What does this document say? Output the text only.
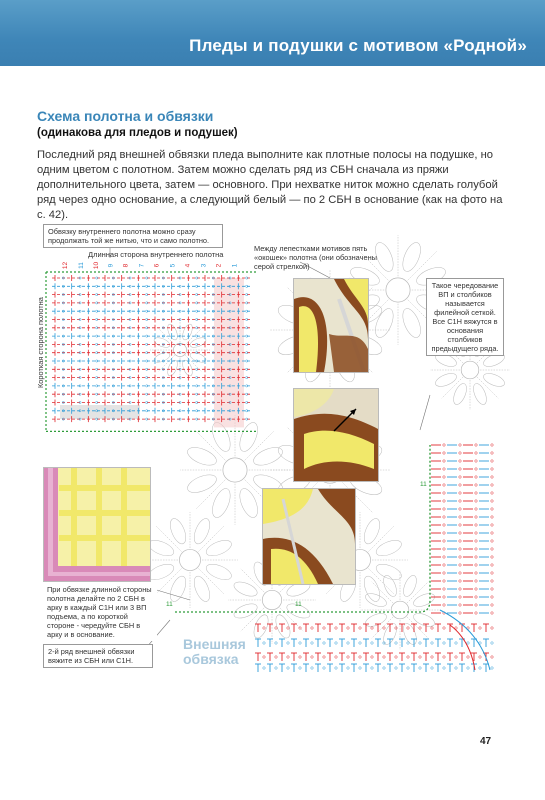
Пледы и подушки с мотивом «Родной»
Схема полотна и обвязки
(одинакова для пледов и подушек)
Последний ряд внешней обвязки пледа выполните как плотные полосы на подушке, но одним цветом с полотном. Затем можно сделать ряд из СБН сначала из пряжи дополнительного цвета, затем — основного. При нехватке ниток можно сделать голубой ряд через одно основание, а следующий белый — по 2 СБН в основание (как на фото на с. 42).
12 11 10 9 8 7 6 5 4 3 2 1
Длинная сторона внутреннего полотна
Короткая сторона полотна
Обвязку внутреннего полотна можно сразу продолжать той же нитью, что и само полотно.
Между лепестками мотивов пять «окошек» полотна (они обозначены серой стрелкой)
Такое чередование ВП и столбиков называется филейной сеткой. Все С1Н вяжутся в основания столбиков предыдущего ряда.
При обвязке длинной стороны полотна делайте по 2 СБН в арку в каждый С1Н или 3 ВП подъема, а по короткой стороне - чередуйте СБН в арку и в основание.
2-й ряд внешней обвязки вяжите из СБН или С1Н.
Внешняя обвязка
11
11
11
47
